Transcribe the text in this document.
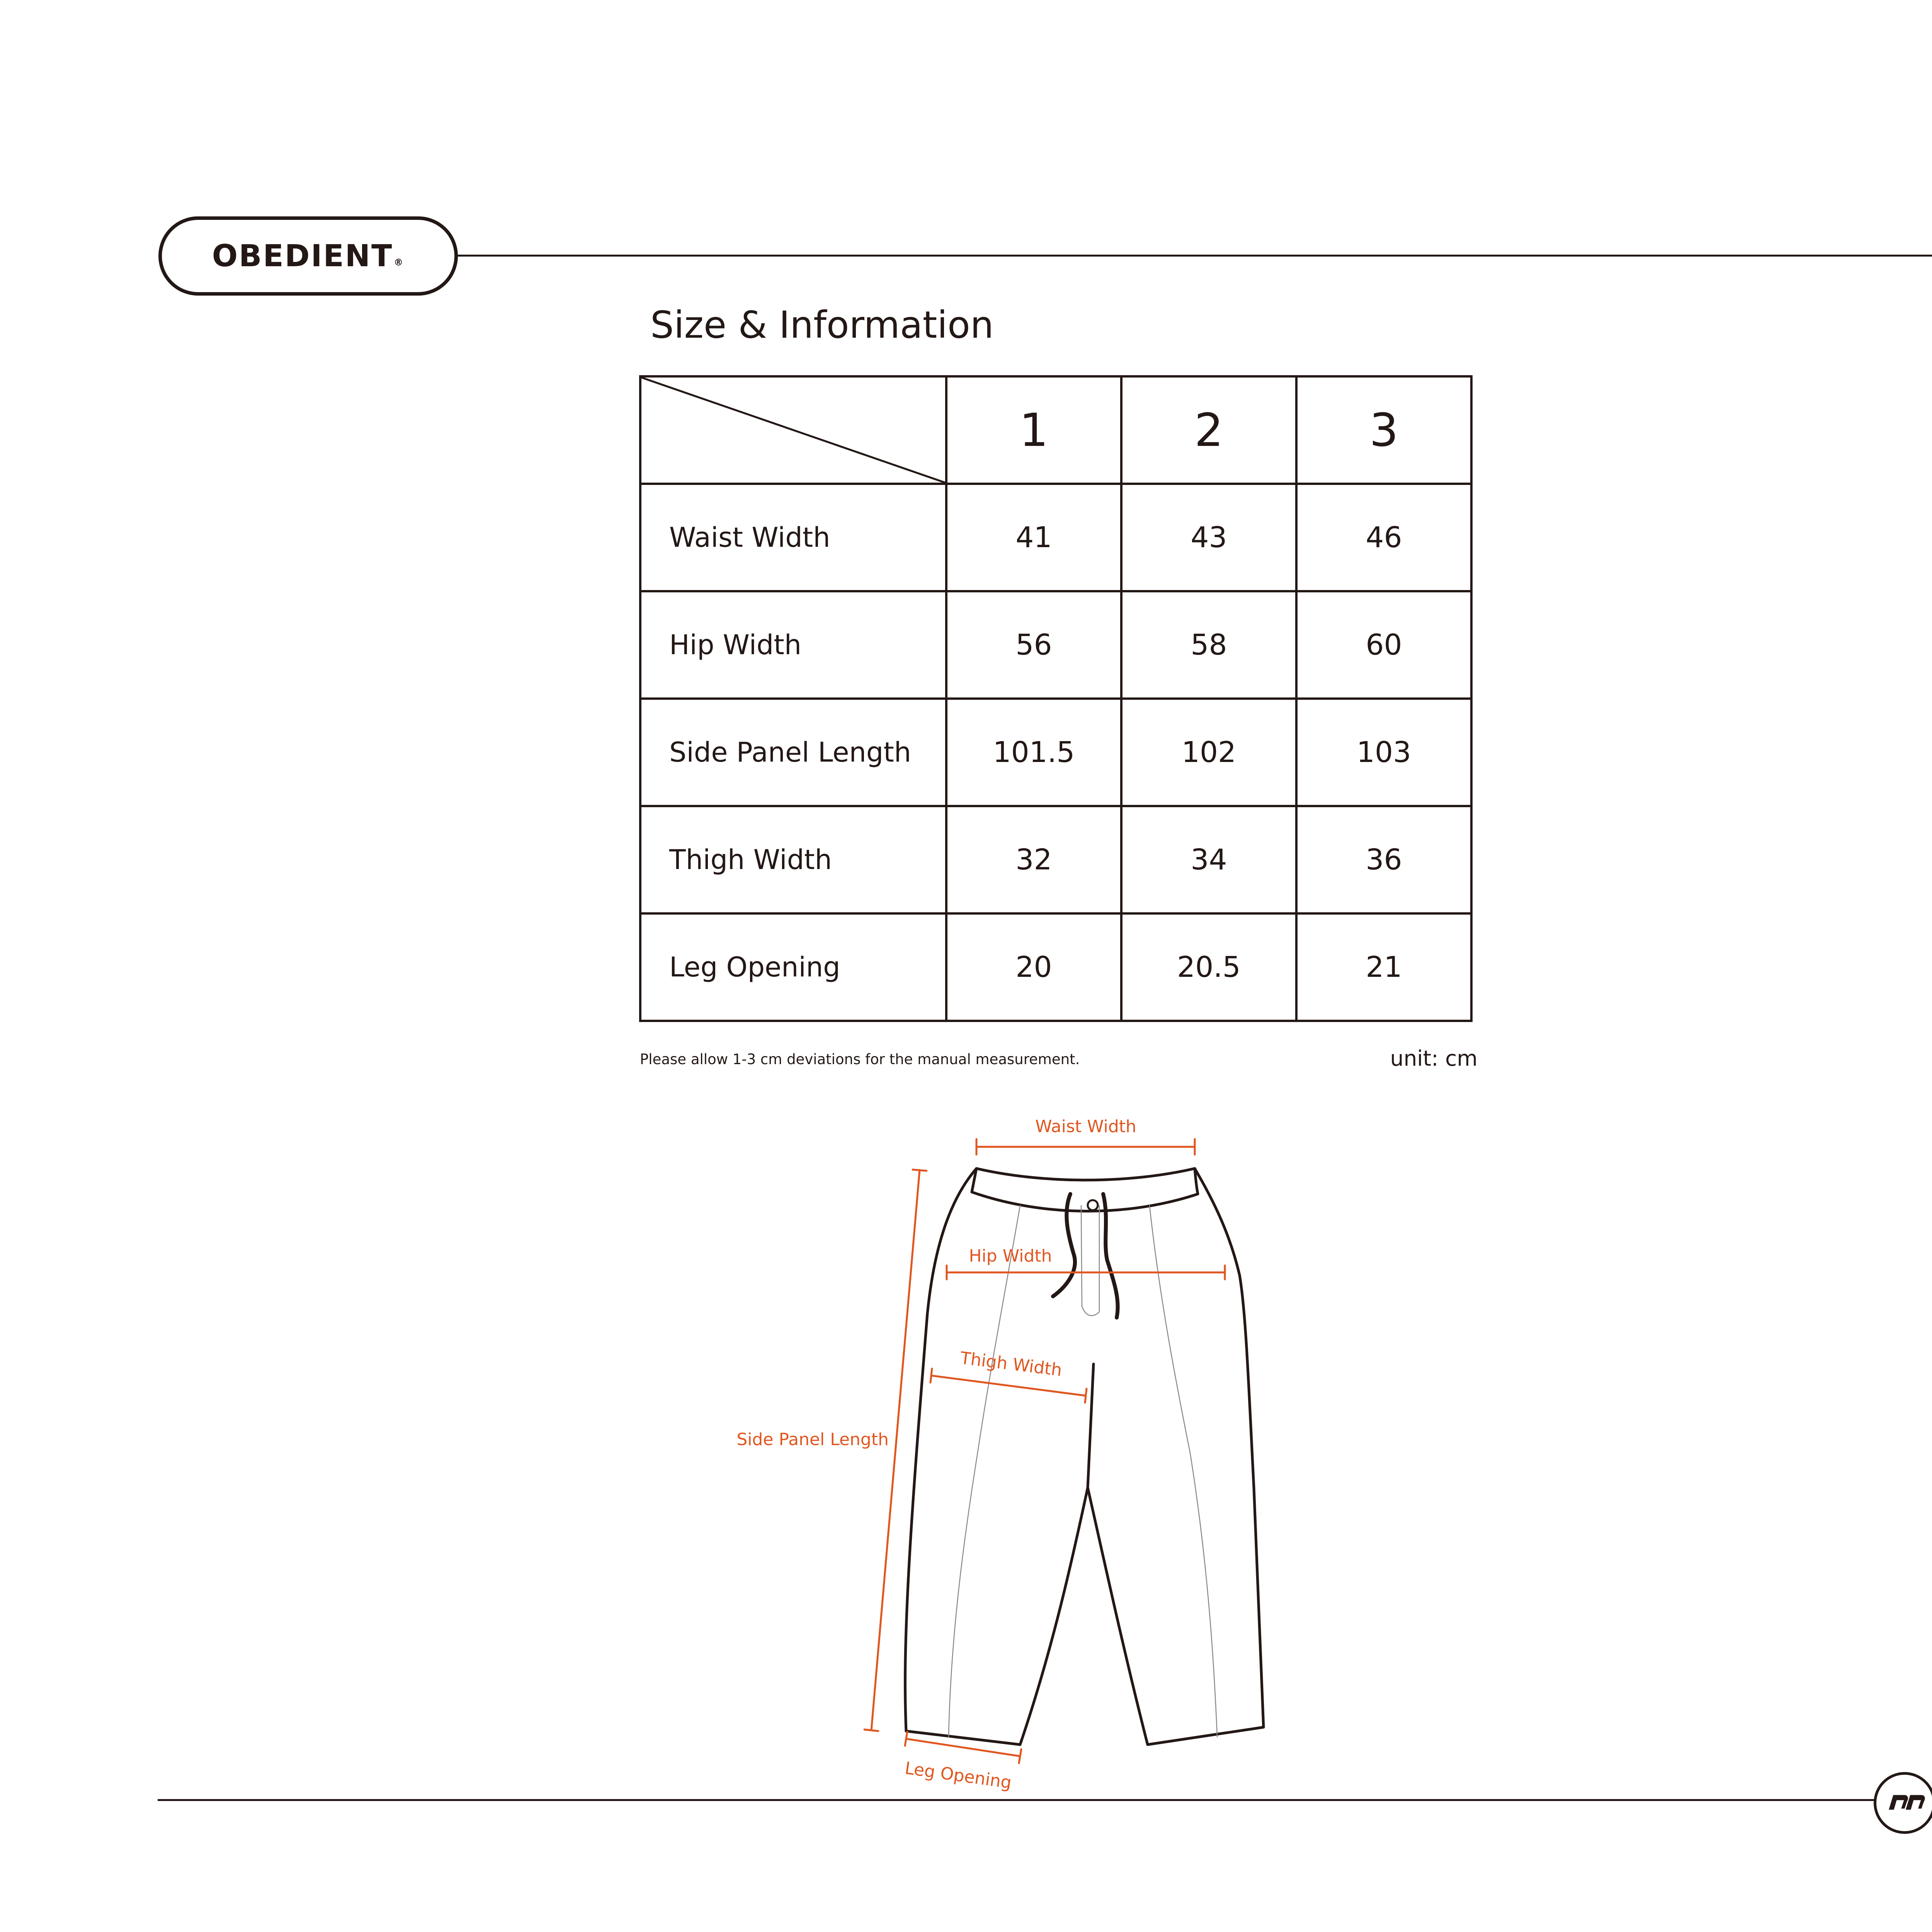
OBEDIENT®
Size & Information
	1	2	3
Waist Width	41	43	46
Hip Width	56	58	60
Side Panel Length	101.5	102	103
Thigh Width	32	34	36
Leg Opening	20	20.5	21
Please allow 1-3 cm deviations for the manual measurement.	unit: cm
Waist Width
Hip Width
Thigh Width
Side Panel Length
Leg Opening
